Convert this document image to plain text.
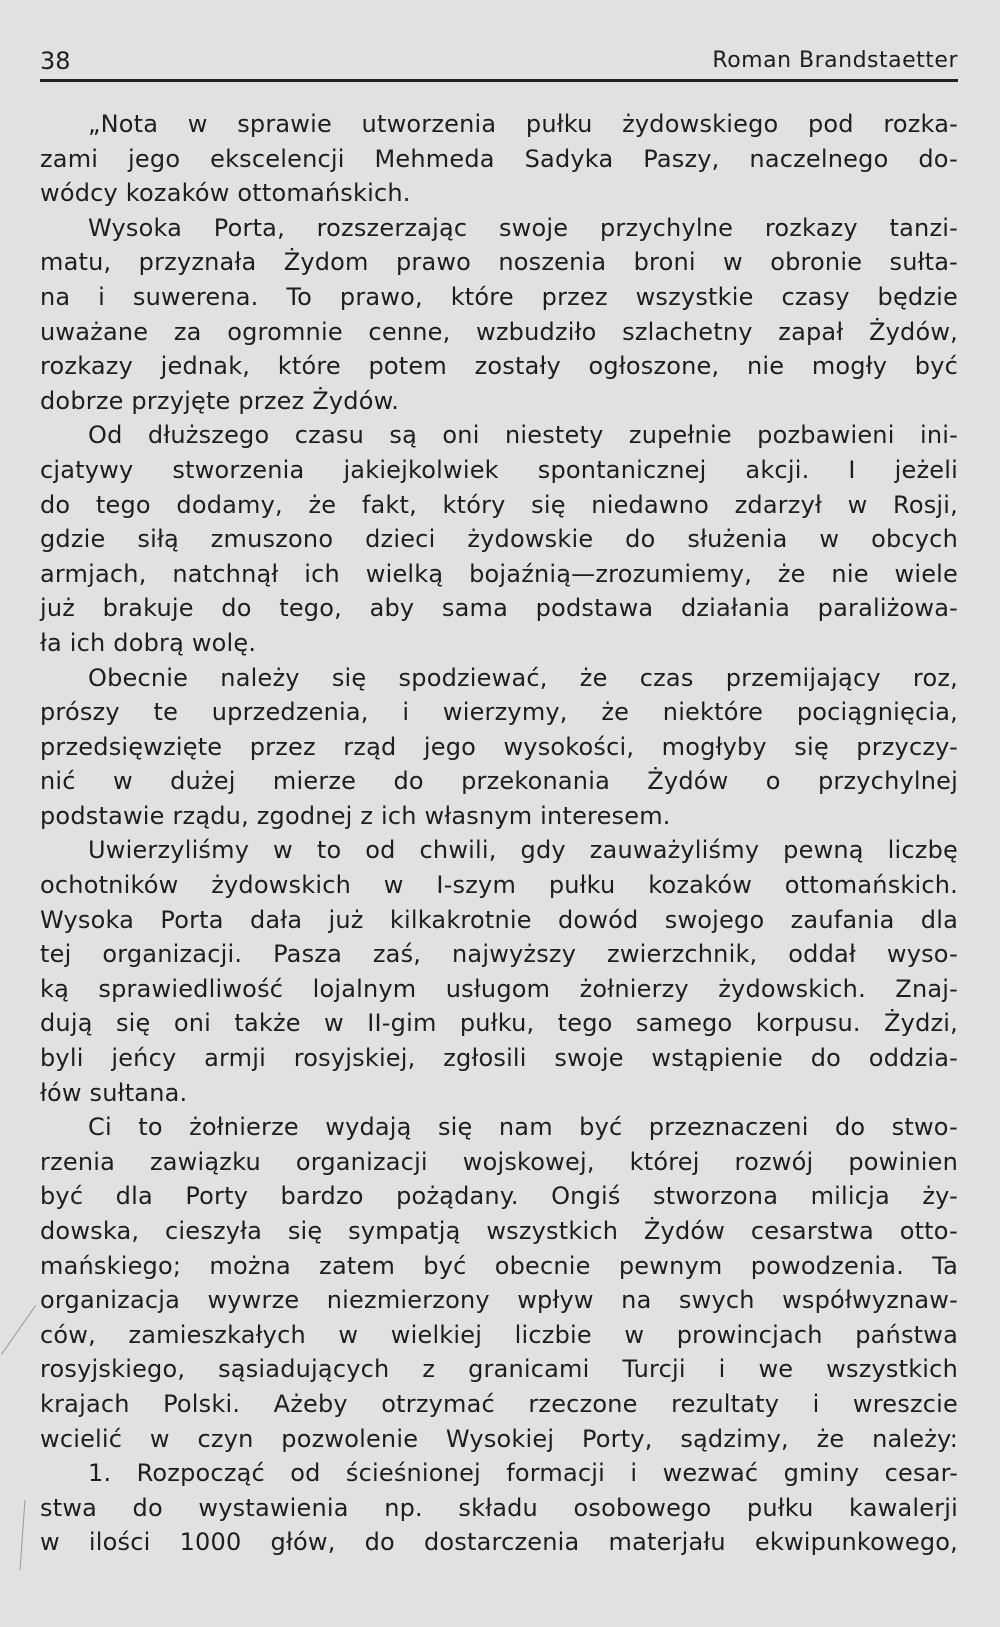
38	Roman Brandstaetter
„Nota w sprawie utworzenia pułku żydowskiego pod rozka-
zami jego ekscelencji Mehmeda Sadyka Paszy, naczelnego do-
wódcy kozaków ottomańskich.
Wysoka Porta, rozszerzając swoje przychylne rozkazy tanzi-
matu, przyznała Żydom prawo noszenia broni w obronie sułta-
na i suwerena. To prawo, które przez wszystkie czasy będzie
uważane za ogromnie cenne, wzbudziło szlachetny zapał Żydów,
rozkazy jednak, które potem zostały ogłoszone, nie mogły być
dobrze przyjęte przez Żydów.
Od dłuższego czasu są oni niestety zupełnie pozbawieni ini-
cjatywy stworzenia jakiejkolwiek spontanicznej akcji. I jeżeli
do tego dodamy, że fakt, który się niedawno zdarzył w Rosji,
gdzie siłą zmuszono dzieci żydowskie do służenia w obcych
armjach, natchnął ich wielką bojaźnią—zrozumiemy, że nie wiele
już brakuje do tego, aby sama podstawa działania paraliżowa-
ła ich dobrą wolę.
Obecnie należy się spodziewać, że czas przemijający roz,
prószy te uprzedzenia, i wierzymy, że niektóre pociągnięcia,
przedsięwzięte przez rząd jego wysokości, mogłyby się przyczy-
nić w dużej mierze do przekonania Żydów o przychylnej
podstawie rządu, zgodnej z ich własnym interesem.
Uwierzyliśmy w to od chwili, gdy zauważyliśmy pewną liczbę
ochotników żydowskich w I-szym pułku kozaków ottomańskich.
Wysoka Porta dała już kilkakrotnie dowód swojego zaufania dla
tej organizacji. Pasza zaś, najwyższy zwierzchnik, oddał wyso-
ką sprawiedliwość lojalnym usługom żołnierzy żydowskich. Znaj-
dują się oni także w II-gim pułku, tego samego korpusu. Żydzi,
byli jeńcy armji rosyjskiej, zgłosili swoje wstąpienie do oddzia-
łów sułtana.
Ci to żołnierze wydają się nam być przeznaczeni do stwo-
rzenia zawiązku organizacji wojskowej, której rozwój powinien
być dla Porty bardzo pożądany. Ongiś stworzona milicja ży-
dowska, cieszyła się sympatją wszystkich Żydów cesarstwa otto-
mańskiego; można zatem być obecnie pewnym powodzenia. Ta
organizacja wywrze niezmierzony wpływ na swych współwyznaw-
ców, zamieszkałych w wielkiej liczbie w prowincjach państwa
rosyjskiego, sąsiadujących z granicami Turcji i we wszystkich
krajach Polski. Ażeby otrzymać rzeczone rezultaty i wreszcie
wcielić w czyn pozwolenie Wysokiej Porty, sądzimy, że należy:
1. Rozpocząć od ścieśnionej formacji i wezwać gminy cesar-
stwa do wystawienia np. składu osobowego pułku kawalerji
w ilości 1000 głów, do dostarczenia materjału ekwipunkowego,
